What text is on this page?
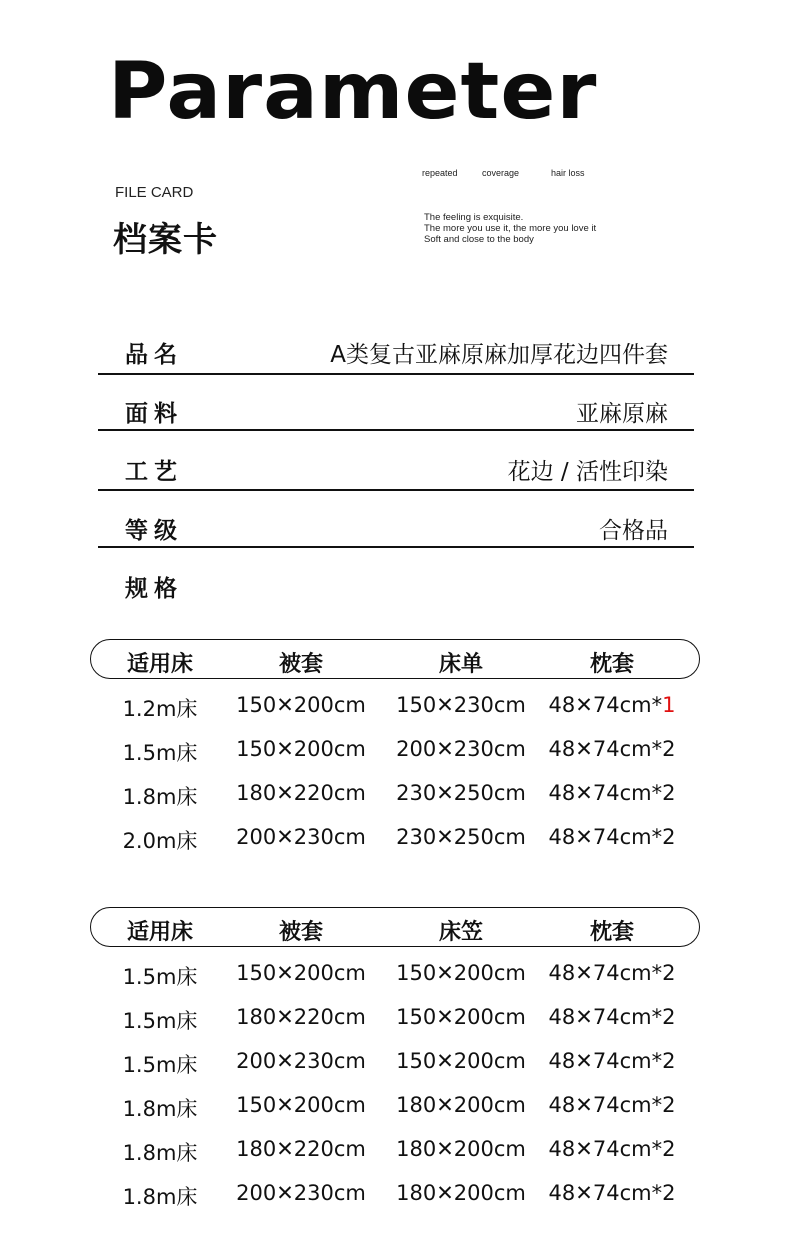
Parameter
FILE CARD
档案卡
repeated	coverage	hair loss
The feeling is exquisite.
The more you use it, the more you love it
Soft and close to the body
品名	A类复古亚麻原麻加厚花边四件套
面料	亚麻原麻
工艺	花边 / 活性印染
等级	合格品
规格
适用床	被套	床单	枕套
1.2m床	150✕200cm	150✕230cm	48✕74cm*1
1.5m床	150✕200cm	200✕230cm	48✕74cm*2
1.8m床	180✕220cm	230✕250cm	48✕74cm*2
2.0m床	200✕230cm	230✕250cm	48✕74cm*2
适用床	被套	床笠	枕套
1.5m床	150✕200cm	150✕200cm	48✕74cm*2
1.5m床	180✕220cm	150✕200cm	48✕74cm*2
1.5m床	200✕230cm	150✕200cm	48✕74cm*2
1.8m床	150✕200cm	180✕200cm	48✕74cm*2
1.8m床	180✕220cm	180✕200cm	48✕74cm*2
1.8m床	200✕230cm	180✕200cm	48✕74cm*2
